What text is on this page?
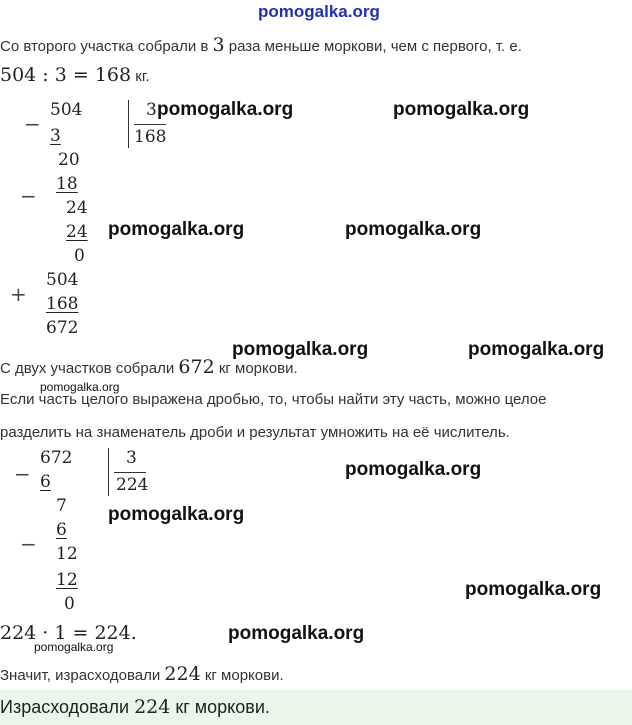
pomogalka.org
Со второго участка собрали в 3 раза меньше моркови, чем с первого, т. е.
504 : 3 = 168 кг.
−
504
3
20
− 18
24
24
0
3
168
+
504
168
672
С двух участков собрали 672 кг моркови.
Если часть целого выражена дробью, то, чтобы найти эту часть, можно целое
разделить на знаменатель дроби и результат умножить на её числитель.
−
672
6
7
−
6
12
12
0
3
224
224 · 1 = 224.
Значит, израсходовали 224 кг моркови.
Израсходовали 224 кг моркови.
pomogalka.org	pomogalka.org
pomogalka.org	pomogalka.org
pomogalka.org	pomogalka.org
pomogalka.org
pomogalka.org
pomogalka.org
pomogalka.org
pomogalka.org
pomogalka.org
